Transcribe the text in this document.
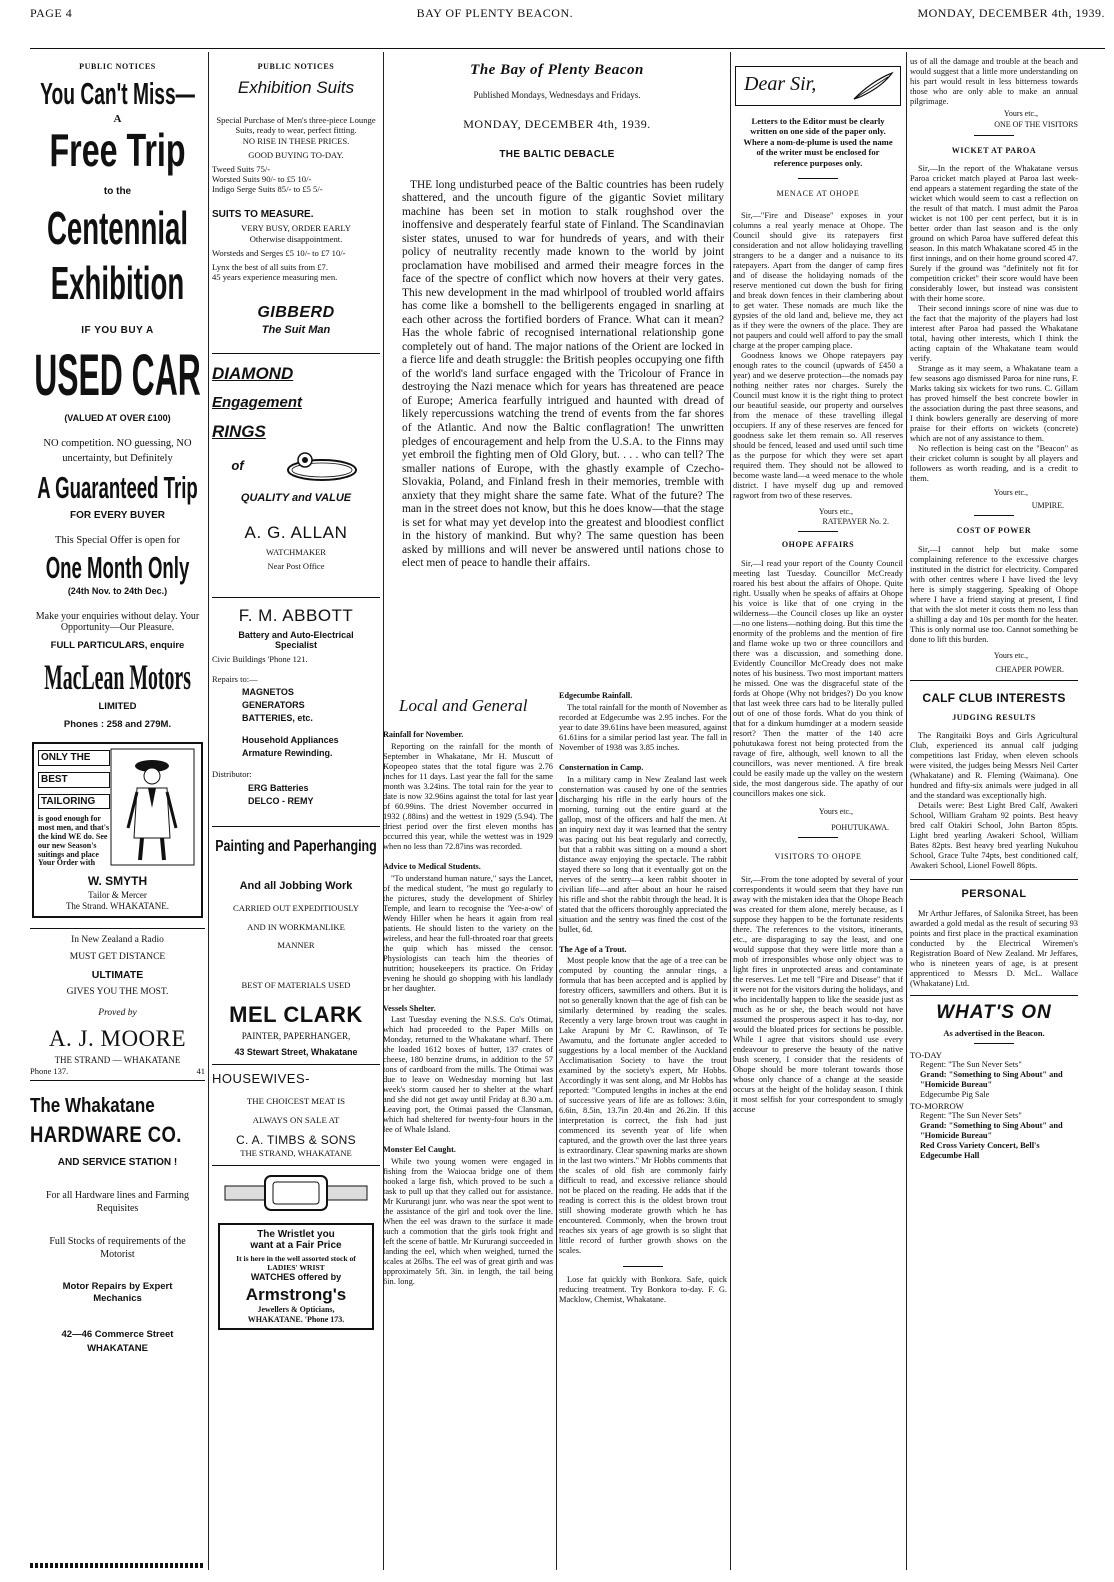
PAGE 4	BAY OF PLENTY BEACON.	MONDAY, DECEMBER 4th, 1939.
PUBLIC NOTICES
You Can't Miss—
A
Free Trip
to the
Centennial
Exhibition
IF YOU BUY A
USED CAR
(VALUED AT OVER £100)
NO competition. NO guessing, NO uncertainty, but Definitely
A Guaranteed Trip
FOR EVERY BUYER
This Special Offer is open for
One Month Only
(24th Nov. to 24th Dec.)
Make your enquiries without delay. Your Opportunity—Our Pleasure.
FULL PARTICULARS, enquire
MacLean Motors
LIMITED
Phones : 258 and 279M.
ONLY THE
BEST
TAILORING
is good enough for most men, and that's the kind WE do. See our new Season's suitings and place Your Order with
W. SMYTH
Tailor & Mercer
The Strand. WHAKATANE.
In New Zealand a Radio
MUST GET DISTANCE
ULTIMATE
GIVES YOU THE MOST.
Proved by
A. J. MOORE
THE STRAND — WHAKATANE
Phone 137.	41
The Whakatane
HARDWARE CO.
AND SERVICE STATION !
For all Hardware lines and Farming Requisites
Full Stocks of requirements of the Motorist
Motor Repairs by Expert Mechanics
42—46 Commerce Street
WHAKATANE
PUBLIC NOTICES
Exhibition Suits
Special Purchase of Men's three-piece Lounge Suits, ready to wear, perfect fitting.
NO RISE IN THESE PRICES.
GOOD BUYING TO-DAY.
Tweed Suits 75/-
Worsted Suits 90/- to £5 10/-
Indigo Serge Suits 85/- to £5 5/-
SUITS TO MEASURE.
VERY BUSY, ORDER EARLY
Otherwise disappointment.
Worsteds and Serges £5 10/- to £7 10/-
Lynx the best of all suits from £7.
45 years experience measuring men.
GIBBERD
The Suit Man
DIAMOND
Engagement
RINGS
of
QUALITY and VALUE
A. G. ALLAN
WATCHMAKER
Near Post Office
F. M. ABBOTT
Battery and Auto-Electrical Specialist
Civic Buildings 'Phone 121.
Repairs to:—
MAGNETOS
GENERATORS
BATTERIES, etc.
Household Appliances
Armature Rewinding.
Distributor:
ERG Batteries
DELCO - REMY
Painting and Paperhanging
And all Jobbing Work
CARRIED OUT EXPEDITIOUSLY
AND IN WORKMANLIKE
MANNER
BEST OF MATERIALS USED
MEL CLARK
PAINTER, PAPERHANGER,
43 Stewart Street, Whakatane
HOUSEWIVES-
THE CHOICEST MEAT IS
ALWAYS ON SALE AT
C. A. TIMBS & SONS
THE STRAND, WHAKATANE
The Wristlet you
want at a Fair Price
It is here in the well assorted stock of LADIES' WRIST
WATCHES offered by
Armstrong's
Jewellers & Opticians,
WHAKATANE. 'Phone 173.
The Bay of Plenty Beacon
Published Mondays, Wednesdays and Fridays.
MONDAY, DECEMBER 4th, 1939.
THE BALTIC DEBACLE
THE long undisturbed peace of the Baltic countries has been rudely shattered, and the uncouth figure of the gigantic Soviet military machine has been set in motion to stalk roughshod over the inoffensive and desperately fearful state of Finland. The Scandinavian sister states, unused to war for hundreds of years, and with their policy of neutrality recently made known to the world by joint proclamation have mobilised and armed their meagre forces in the face of the spectre of conflict which now hovers at their very gates. This new development in the mad whirlpool of troubled world affairs has come like a bomshell to the belligerents engaged in snarling at each other across the fortified borders of France. What can it mean? Has the whole fabric of recognised international relationship gone completely out of hand. The major nations of the Orient are locked in a fierce life and death struggle: the British peoples occupying one fifth of the world's land surface engaged with the Tricolour of France in destroying the Nazi menace which for years has threatened are peace of Europe; America fearfully intrigued and haunted with dread of likely repercussions watching the trend of events from the far shores of the Atlantic. And now the Baltic conflagration! The unwritten pledges of encouragement and help from the U.S.A. to the Finns may yet embroil the fighting men of Old Glory, but. . . . who can tell? The smaller nations of Europe, with the ghastly example of Czecho-Slovakia, Poland, and Finland fresh in their memories, tremble with anxiety that they might share the same fate. What of the future? The man in the street does not know, but this he does know—that the stage is set for what may yet develop into the greatest and bloodiest conflict in the history of mankind. But why? The same question has been asked by millions and will never be answered until nations chose to elect men of peace to handle their affairs.
Local and General
Rainfall for November.
Reporting on the rainfall for the month of September in Whakatane, Mr H. Muscutt of Kopeopeo states that the total figure was 2.76 inches for 11 days. Last year the fall for the same month was 3.24ins. The total rain for the year to date is now 32.96ins against the total for last year of 60.99ins. The driest November occurred in 1932 (.88ins) and the wettest in 1929 (5.94). The driest period over the first eleven months has occurred this year, while the wettest was in 1929 when no less than 72.87ins was recorded.
Advice to Medical Students.
"To understand human nature," says the Lancet, of the medical student, "he must go regularly to the pictures, study the development of Shirley Temple, and learn to recognise the 'Yee-a-ow' of Wendy Hiller when he hears it again from real patients. He should listen to the variety on the wireless, and hear the full-throated roar that greets the quip which has missed the censor. Physiologists can teach him the theories of nutrition; housekeepers its practice. On Friday evening he should go shopping with his landlady or her daughter.
Vessels Shelter.
Last Tuesday evening the N.S.S. Co's Otimai, which had proceeded to the Paper Mills on Monday, returned to the Whakatane wharf. There she loaded 1612 boxes of butter, 137 crates of cheese, 180 benzine drums, in addition to the 57 tons of cardboard from the mills. The Otimai was due to leave on Wednesday morning but last week's storm caused her to shelter at the wharf and she did not get away until Friday at 8.30 a.m. Leaving port, the Otimai passed the Clansman, which had sheltered for twenty-four hours in the lee of Whale Island.
Monster Eel Caught.
While two young women were engaged in fishing from the Waiocaa bridge one of them hooked a large fish, which proved to be such a task to pull up that they called out for assistance. Mr Kururangi junr. who was near the spot went to the assistance of the girl and took over the line. When the eel was drawn to the surface it made such a commotion that the girls took fright and left the scene of battle. Mr Kururangi succeeded in landing the eel, which when weighed, turned the scales at 26lbs. The eel was of great girth and was approximately 5ft. 3in. in length, the tail being 6in. long.
Edgecumbe Rainfall.
The total rainfall for the month of November as recorded at Edgecumbe was 2.95 inches. For the year to date 39.61ins have been measured, against 61.61ins for a similar period last year. The fall in November of 1938 was 3.85 inches.
Consternation in Camp.
In a military camp in New Zealand last week consternation was caused by one of the sentries discharging his rifle in the early hours of the morning, turning out the entire guard at the gallop, most of the officers and half the men. At an inquiry next day it was learned that the sentry was pacing out his beat regularly and correctly, but that a rabbit was sitting on a mound a short distance away enjoying the spectacle. The rabbit stayed there so long that it eventually got on the nerves of the sentry—a keen rabbit shooter in civilian life—and after about an hour he raised his rifle and shot the rabbit through the head. It is stated that the officers thoroughly appreciated the situation and the sentry was fined the cost of the bullet, 6d.
The Age of a Trout.
Most people know that the age of a tree can be computed by counting the annular rings, a formula that has been accepted and is applied by forestry officers, sawmillers and others. But it is not so generally known that the age of fish can be similarly determined by reading the scales. Recently a very large brown trout was caught in Lake Arapuni by Mr C. Rawlinson, of Te Awamutu, and the fortunate angler acceded to suggestions by a local member of the Auckland Acclimatisation Society to have the trout examined by the society's expert, Mr Hobbs. Accordingly it was sent along, and Mr Hobbs has reported: "Computed lengths in inches at the end of successive years of life are as follows: 3.6in, 6.6in, 8.5in, 13.7in 20.4in and 26.2in. If this interpretation is correct, the fish had just commenced its seventh year of life when captured, and the growth over the last three years is extraordinary. Clear spawning marks are shown in the last two winters." Mr Hobbs comments that the scales of old fish are commonly fairly difficult to read, and excessive reliance should not be placed on the reading. He adds that if the reading is correct this is the oldest brown trout still showing moderate growth which he has encountered. Commonly, when the brown trout reaches six years of age growth is so slight that little record of further growth shows on the scales.
Lose fat quickly with Bonkora. Safe, quick reducing treatment. Try Bonkora to-day. F. G. Macklow, Chemist, Whakatane.
Dear Sir,
Letters to the Editor must be clearly written on one side of the paper only. Where a nom-de-plume is used the name of the writer must be enclosed for reference purposes only.
MENACE AT OHOPE
Sir,—"Fire and Disease" exposes in your columns a real yearly menace at Ohope. The Council should give its ratepayers first consideration and not allow holidaying travelling strangers to be a danger and a nuisance to its ratepayers. Apart from the danger of camp fires and of disease the holidaying nomads of the reserve mentioned cut down the bush for firing and break down fences in their clambering about to get water. These nomads are much like the gypsies of the old land and, believe me, they act as if they were the owners of the place. They are not paupers and could well afford to pay the small charge at the proper camping place.
Goodness knows we Ohope ratepayers pay enough rates to the council (upwards of £450 a year) and we deserve protection—the nomads pay nothing neither rates nor charges. Surely the Council must know it is the right thing to protect our beautiful seaside, our property and ourselves from the menace of these travelling illegal occupiers. If any of these reserves are fenced for goodness sake let them remain so. All reserves should be fenced, leased and used until such time as the purpose for which they were set apart required them. They should not be allowed to become waste land—a weed menace to the whole district. I have myself dug up and removed ragwort from two of these reserves.
Yours etc.,
RATEPAYER No. 2.
OHOPE AFFAIRS
Sir,—I read your report of the County Council meeting last Tuesday. Councillor McCready roared his best about the affairs of Ohope. Quite right. Usually when he speaks of affairs at Ohope his voice is like that of one crying in the wilderness—the Council closes up like an oyster—no one listens—nothing doing. But this time the enormity of the problems and the mention of fire and flame woke up two or three councillors and there was a discussion, and something done. Evidently Councillor McCready does not make notes of his business. Two most important matters he missed. One was the disgraceful state of the fords at Ohope (Why not bridges?) Do you know that last week three cars had to be literally pulled out of one of those fords. What do you think of that for a dinkum humdinger at a modern seaside resort? Then the matter of the 140 acre pohutukawa forest not being protected from the ravage of fire, although, well known to all the councillors, was never mentioned. A fire break could be easily made up the valley on the western side, the most dangerous side. The apathy of our councillors makes one sick.
Yours etc.,
POHUTUKAWA.
VISITORS TO OHOPE
Sir,—From the tone adopted by several of your correspondents it would seem that they have run away with the mistaken idea that the Ohope Beach was created for them alone, merely because, as I suppose they happen to be the fortunate residents there. The references to the visitors, itinerants, etc., are disparaging to say the least, and one would suppose that they were little more than a mob of irresponsibles whose only object was to light fires in unprotected areas and contaminate the reserves. Let me tell "Fire and Disease" that if it were not for the visitors during the holidays, and who incidentally happen to like the seaside just as much as he or she, the beach would not have assumed the prosperous aspect it has to-day, nor would the bloated prices for sections be possible. While I agree that visitors should use every endeavour to preserve the beauty of the native bush scenery, I consider that the residents of Ohope should be more tolerant towards those whose only chance of a change at the seaside occurs at the height of the holiday season. I think it most selfish for your correspondent to smugly accuse
us of all the damage and trouble at the beach and would suggest that a little more understanding on his part would result in less bitterness towards those who are only able to make an annual pilgrimage.
Yours etc.,
ONE OF THE VISITORS
WICKET AT PAROA
Sir,—In the report of the Whakatane versus Paroa cricket match played at Paroa last week-end appears a statement regarding the state of the wicket which would seem to cast a reflection on the result of that match. I must admit the Paroa wicket is not 100 per cent perfect, but it is in better order than last season and is the only ground on which Paroa have suffered defeat this season. In this match Whakatane scored 45 in the first innings, and on their home ground scored 47. Surely if the ground was "definitely not fit for competition cricket" their score would have been considerably lower, but instead was consistent with their home score.
Their second innings score of nine was due to the fact that the majority of the players had lost interest after Paroa had passed the Whakatane total, having other interests, which I think the acting captain of the Whakatane team would verify.
Strange as it may seem, a Whakatane team a few seasons ago dismissed Paroa for nine runs, F. Marks taking six wickets for two runs. C. Gillam has proved himself the best concrete bowler in the association during the past three seasons, and I think bowlers generally are deserving of more praise for their efforts on wickets (concrete) which are not of any assistance to them.
No reflection is being cast on the "Beacon" as their cricket column is sought by all players and followers as worth reading, and is a credit to them.
Yours etc.,
UMPIRE.
COST OF POWER
Sir,—I cannot help but make some complaining reference to the excessive charges instituted in the district for electricity. Compared with other centres where I have lived the levy here is simply staggering. Speaking of Ohope where I have a friend staying at present, I find that with the slot meter it costs them no less than a shilling a day and 10s per month for the heater. This is only normal use too. Cannot something be done to lift this burden.
Yours etc.,
CHEAPER POWER.
CALF CLUB INTERESTS
JUDGING RESULTS
The Rangitaiki Boys and Girls Agricultural Club, experienced its annual calf judging competitions last Friday, when eleven schools were visited, the judges being Messrs Neil Carter (Whakatane) and R. Fleming (Waimana). One hundred and fifty-six animals were judged in all and the standard was exceptionally high.
Details were: Best Light Bred Calf, Awakeri School, William Graham 92 points. Best heavy bred calf Otakiri School, John Barton 85pts. Light bred yearling Awakeri School, William Bates 82pts. Best heavy bred yearling Nukuhou School, Grace Tulte 74pts, best conditioned calf, Awakeri School, Lionel Fowell 86pts.
PERSONAL
Mr Arthur Jeffares, of Salonika Street, has been awarded a gold medal as the result of securing 93 points and first place in the practical examination conducted by the Electrical Wiremen's Registration Board of New Zealand. Mr Jeffares, who is nineteen years of age, is at present apprenticed to Messrs D. McL. Wallace (Whakatane) Ltd.
WHAT'S ON
As advertised in the Beacon.
TO-DAY
Regent: "The Sun Never Sets"
Grand: "Something to Sing About" and "Homicide Bureau"
Edgecumbe Pig Sale
TO-MORROW
Regent: "The Sun Never Sets"
Grand: "Something to Sing About" and "Homicide Bureau"
Red Cross Variety Concert, Bell's Edgecumbe Hall
